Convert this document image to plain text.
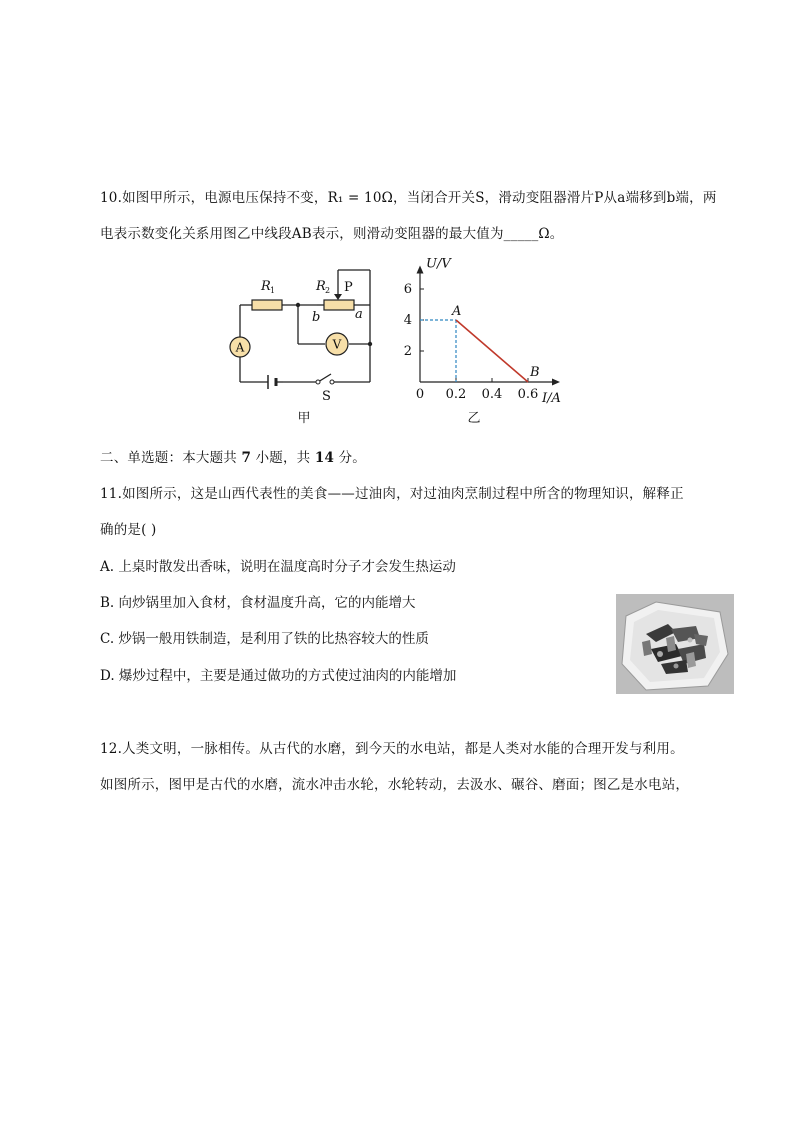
10.如图甲所示，电源电压保持不变，R₁ = 10Ω，当闭合开关S，滑动变阻器滑片P从a端移到b端，两
电表示数变化关系用图乙中线段AB表示，则滑动变阻器的最大值为_____Ω。
A	V
R 1	R 2 P
b	a
S
甲
0.2 0.4 0.6
2
4
6
0
U/V
I/A
A
B
乙
二、单选题：本大题共 7 小题，共 14 分。
11.如图所示，这是山西代表性的美食——过油肉，对过油肉烹制过程中所含的物理知识，解释正
确的是( )
A. 上桌时散发出香味，说明在温度高时分子才会发生热运动
B. 向炒锅里加入食材，食材温度升高，它的内能增大
C. 炒锅一般用铁制造，是利用了铁的比热容较大的性质
D. 爆炒过程中，主要是通过做功的方式使过油肉的内能增加
12.人类文明，一脉相传。从古代的水磨，到今天的水电站，都是人类对水能的合理开发与利用。
如图所示，图甲是古代的水磨，流水冲击水轮，水轮转动，去汲水、碾谷、磨面；图乙是水电站，
